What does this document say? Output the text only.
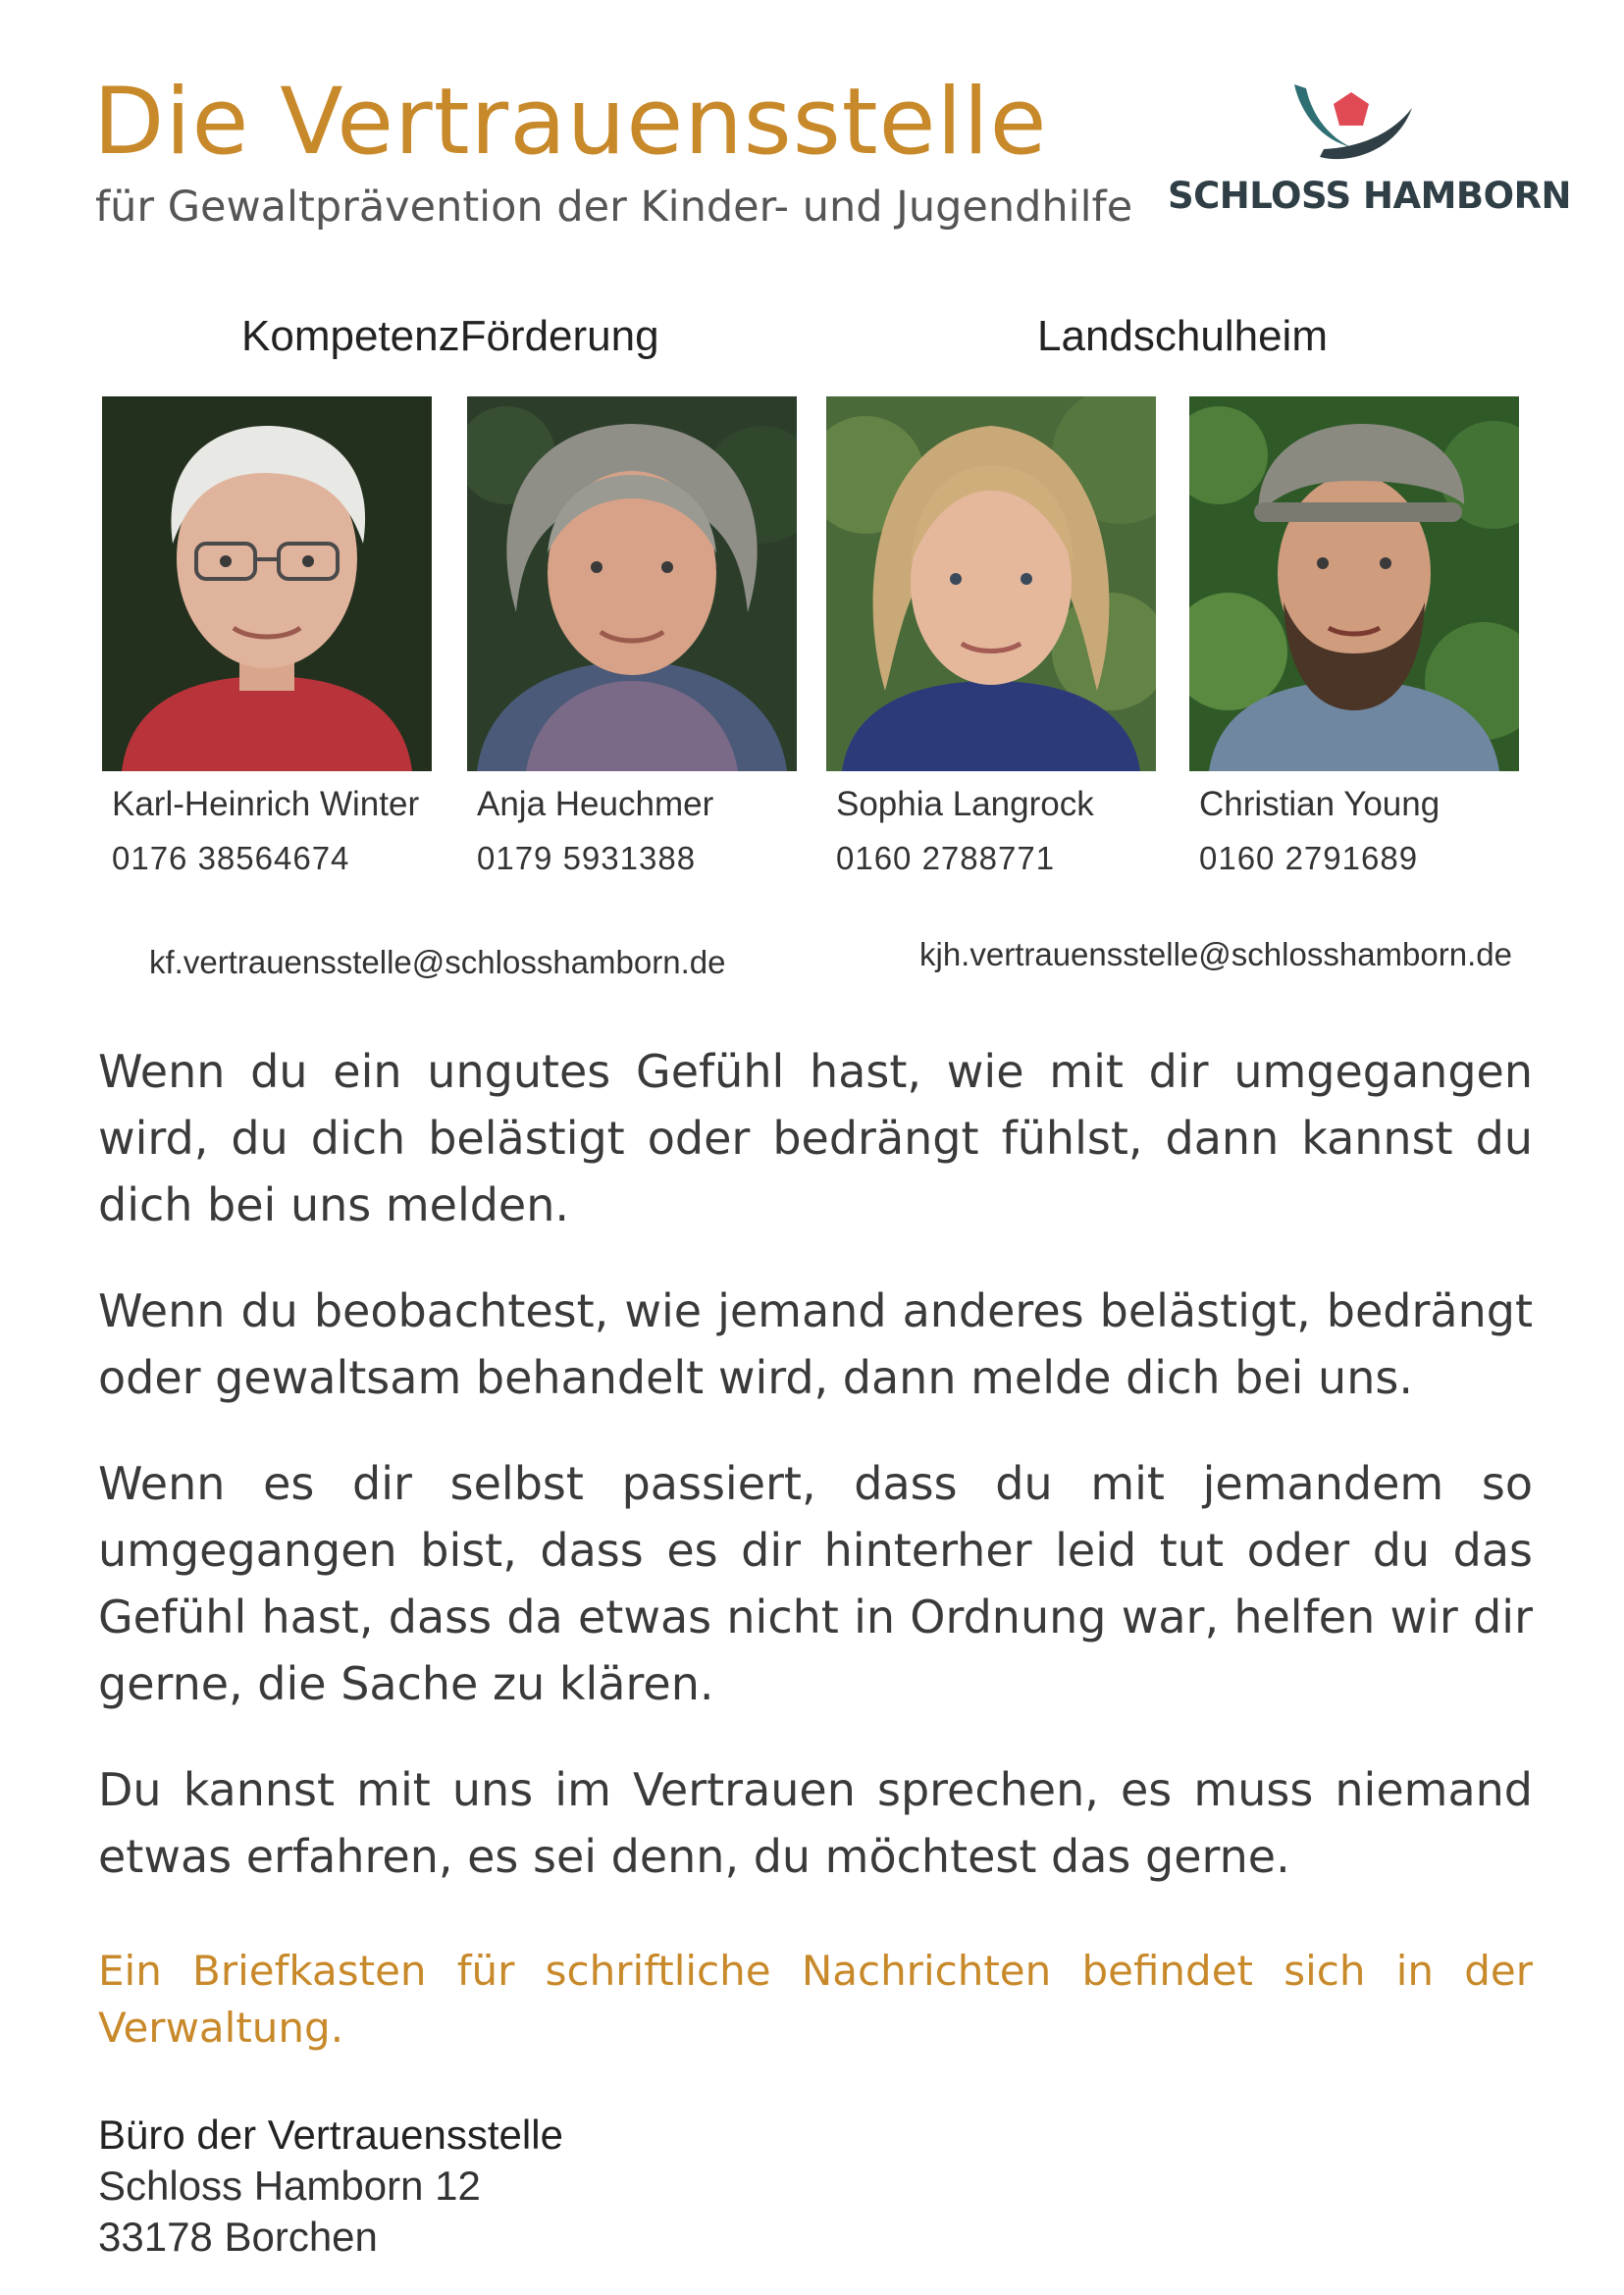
Die Vertrauensstelle
für Gewaltprävention der Kinder- und Jugendhilfe SCHLOSS HAMBORN
KompetenzFörderung	Landschulheim
Karl-Heinrich Winter
0176 38564674
Anja Heuchmer
0179 5931388
Sophia Langrock
0160 2788771
Christian Young
0160 2791689
kf.vertrauensstelle@schlosshamborn.de	kjh.vertrauensstelle@schlosshamborn.de

Wenn du ein ungutes Gefühl hast, wie mit dir umgegangen wird, du dich belästigt oder bedrängt fühlst, dann kannst du dich bei uns melden.

Wenn du beobachtest, wie jemand anderes belästigt, bedrängt oder gewaltsam behandelt wird, dann melde dich bei uns.

Wenn es dir selbst passiert, dass du mit jemandem so umgegangen bist, dass es dir hinterher leid tut oder du das Gefühl hast, dass da etwas nicht in Ordnung war, helfen wir dir gerne, die Sache zu klären.

Du kannst mit uns im Vertrauen sprechen, es muss niemand etwas erfahren, es sei denn, du möchtest das gerne.

Ein Briefkasten für schriftliche Nachrichten befindet sich in der Verwaltung.

Büro der Vertrauensstelle
Schloss Hamborn 12
33178 Borchen
